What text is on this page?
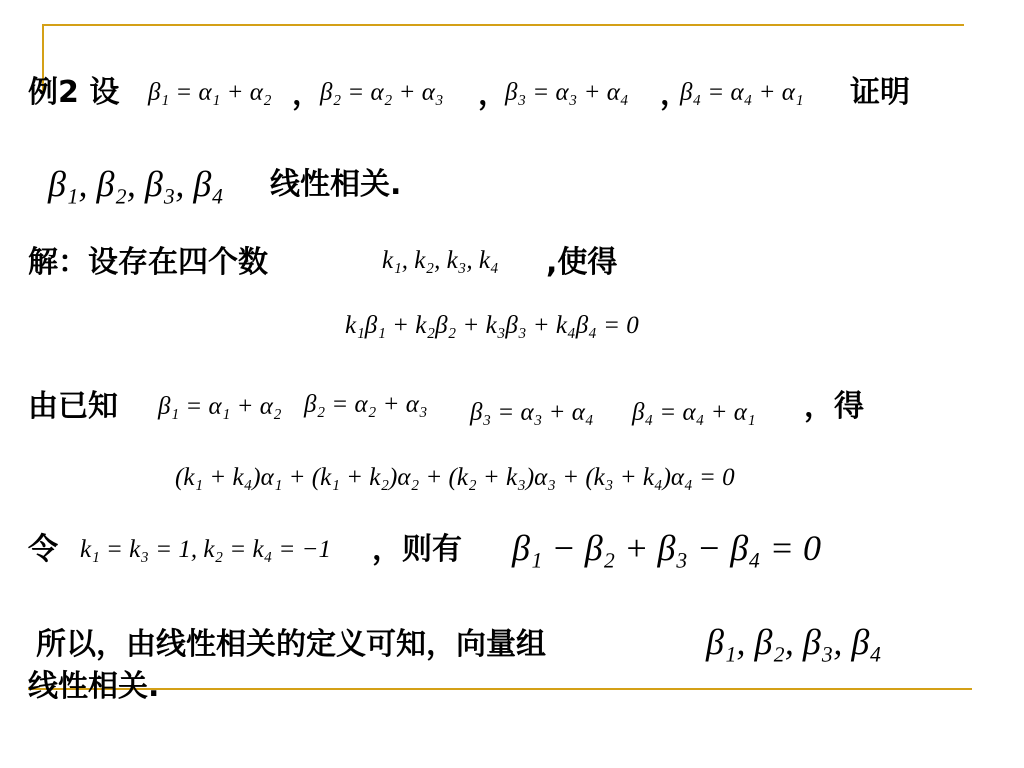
例2 设 β₁ = α₁ + α₂ ，
β₂ = α₂ + α₃ ，
β₃ = α₃ + α₄ ，
β₄ = α₄ + α₁ 证明
β₁, β₂, β₃, β₄ 线性相关.
解：设存在四个数	k₁, k₂, k₃, k₄ ,使得
k₁β₁ + k₂β₂ + k₃β₃ + k₄β₄ = 0
由已知 β₁ = α₁ + α₂ β₂ = α₂ + α₃ β₃ = α₃ + α₄ β₄ = α₄ + α₁ ，得
(k₁ + k₄)α₁ + (k₁ + k₂)α₂ + (k₂ + k₃)α₃ + (k₃ + k₄)α₄ = 0
令 k₁ = k₃ = 1, k₂ = k₄ = −1 ，则有 β₁ − β₂ + β₃ − β₄ = 0
所以，由线性相关的定义可知，向量组	β₁, β₂, β₃, β₄
线性相关.
